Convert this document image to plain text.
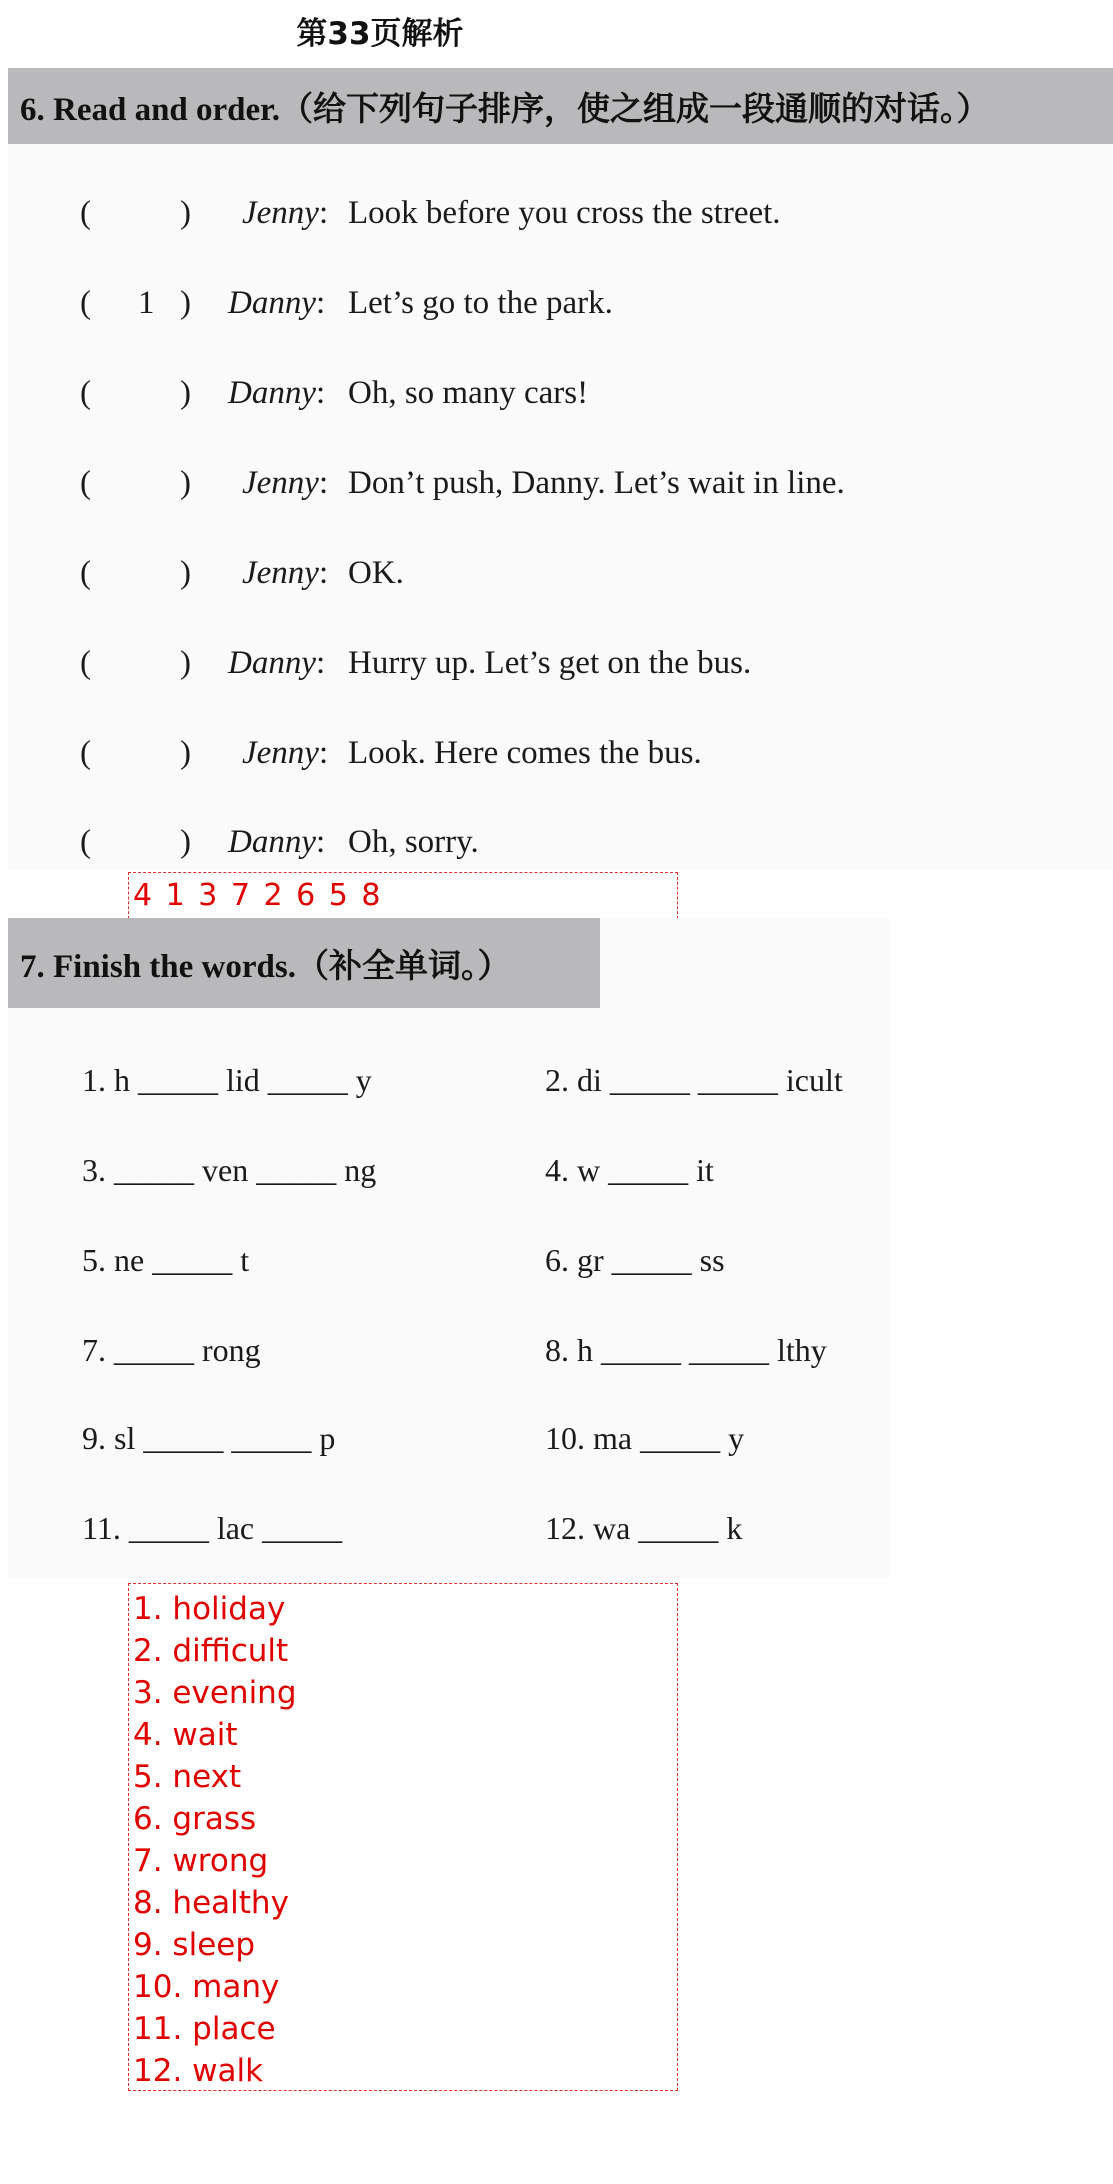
第33页解析
6. Read and order.（给下列句子排序，使之组成一段通顺的对话。）
(	) Jenny: Look before you cross the street.
( 1 ) Danny: Let’s go to the park.
(	) Danny: Oh, so many cars!
(	) Jenny: Don’t push, Danny. Let’s wait in line.
(	) Jenny: OK.
(	) Danny: Hurry up. Let’s get on the bus.
(	) Jenny: Look. Here comes the bus.
(	) Danny: Oh, sorry.
4 1 3 7 2 6 5 8
7. Finish the words.（补全单词。）
1. h _____ lid _____ y	2. di _____ _____ icult
3. _____ ven _____ ng	4. w _____ it
5. ne _____ t	6. gr _____ ss
7. _____ rong	8. h _____ _____ lthy
9. sl _____ _____ p	10. ma _____ y
11. _____ lac _____	12. wa _____ k
1. holiday
2. difficult
3. evening
4. wait
5. next
6. grass
7. wrong
8. healthy
9. sleep
10. many
11. place
12. walk
